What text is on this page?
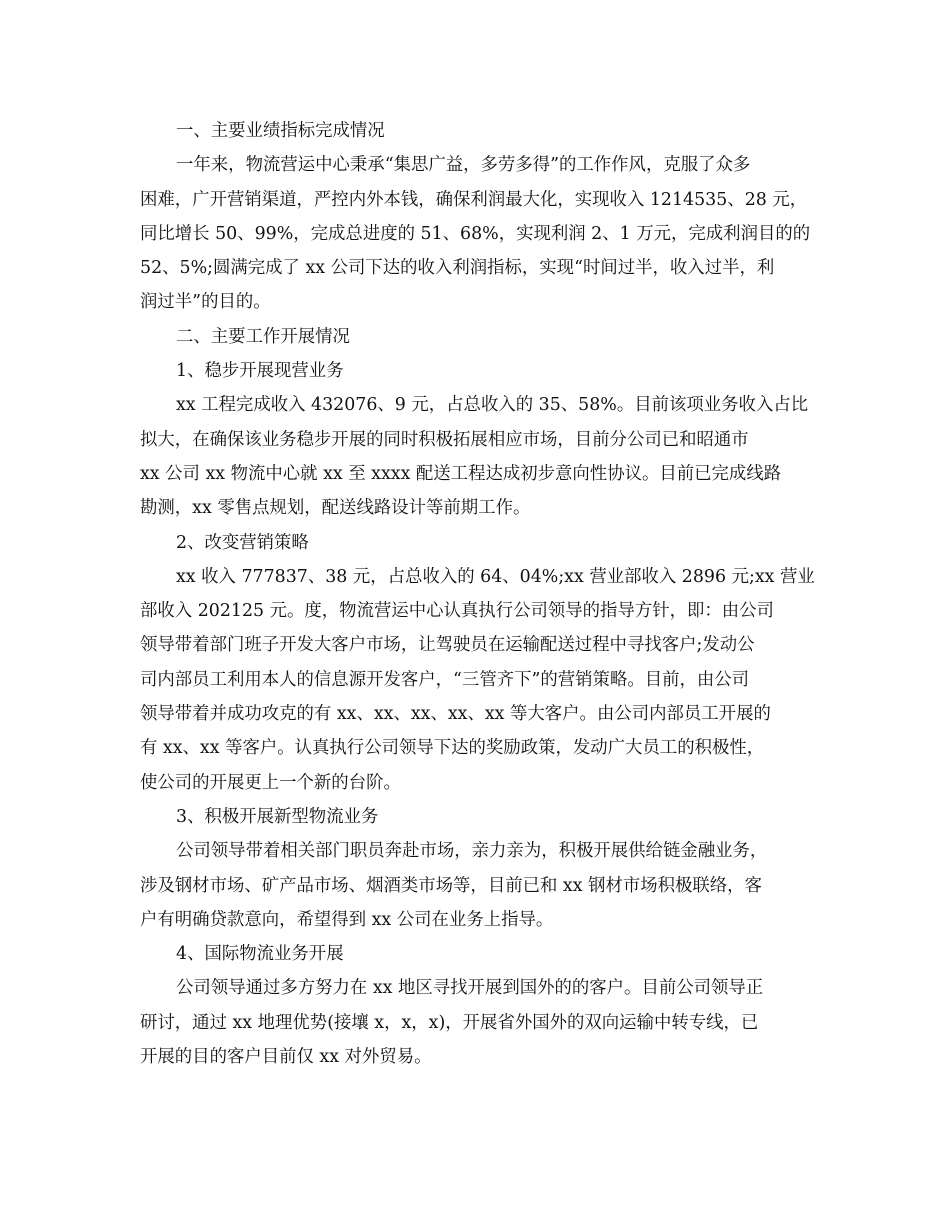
一、主要业绩指标完成情况
一年来，物流营运中心秉承“集思广益，多劳多得”的工作作风，克服了众多
困难，广开营销渠道，严控内外本钱，确保利润最大化，实现收入 1214535、28 元，
同比增长 50、99%，完成总进度的 51、68%，实现利润 2、1 万元，完成利润目的的
52、5%;圆满完成了 xx 公司下达的收入利润指标，实现“时间过半，收入过半，利
润过半”的目的。
二、主要工作开展情况
1、稳步开展现营业务
xx 工程完成收入 432076、9 元，占总收入的 35、58%。目前该项业务收入占比
拟大，在确保该业务稳步开展的同时积极拓展相应市场，目前分公司已和昭通市
xx 公司 xx 物流中心就 xx 至 xxxx 配送工程达成初步意向性协议。目前已完成线路
勘测，xx 零售点规划，配送线路设计等前期工作。
2、改变营销策略
xx 收入 777837、38 元，占总收入的 64、04%;xx 营业部收入 2896 元;xx 营业
部收入 202125 元。度，物流营运中心认真执行公司领导的指导方针，即：由公司
领导带着部门班子开发大客户市场，让驾驶员在运输配送过程中寻找客户;发动公
司内部员工利用本人的信息源开发客户，“三管齐下”的营销策略。目前，由公司
领导带着并成功攻克的有 xx、xx、xx、xx、xx 等大客户。由公司内部员工开展的
有 xx、xx 等客户。认真执行公司领导下达的奖励政策，发动广大员工的积极性，
使公司的开展更上一个新的台阶。
3、积极开展新型物流业务
公司领导带着相关部门职员奔赴市场，亲力亲为，积极开展供给链金融业务，
涉及钢材市场、矿产品市场、烟酒类市场等，目前已和 xx 钢材市场积极联络，客
户有明确贷款意向，希望得到 xx 公司在业务上指导。
4、国际物流业务开展
公司领导通过多方努力在 xx 地区寻找开展到国外的的客户。目前公司领导正
研讨，通过 xx 地理优势(接壤 x，x，x)，开展省外国外的双向运输中转专线，已
开展的目的客户目前仅 xx 对外贸易。
